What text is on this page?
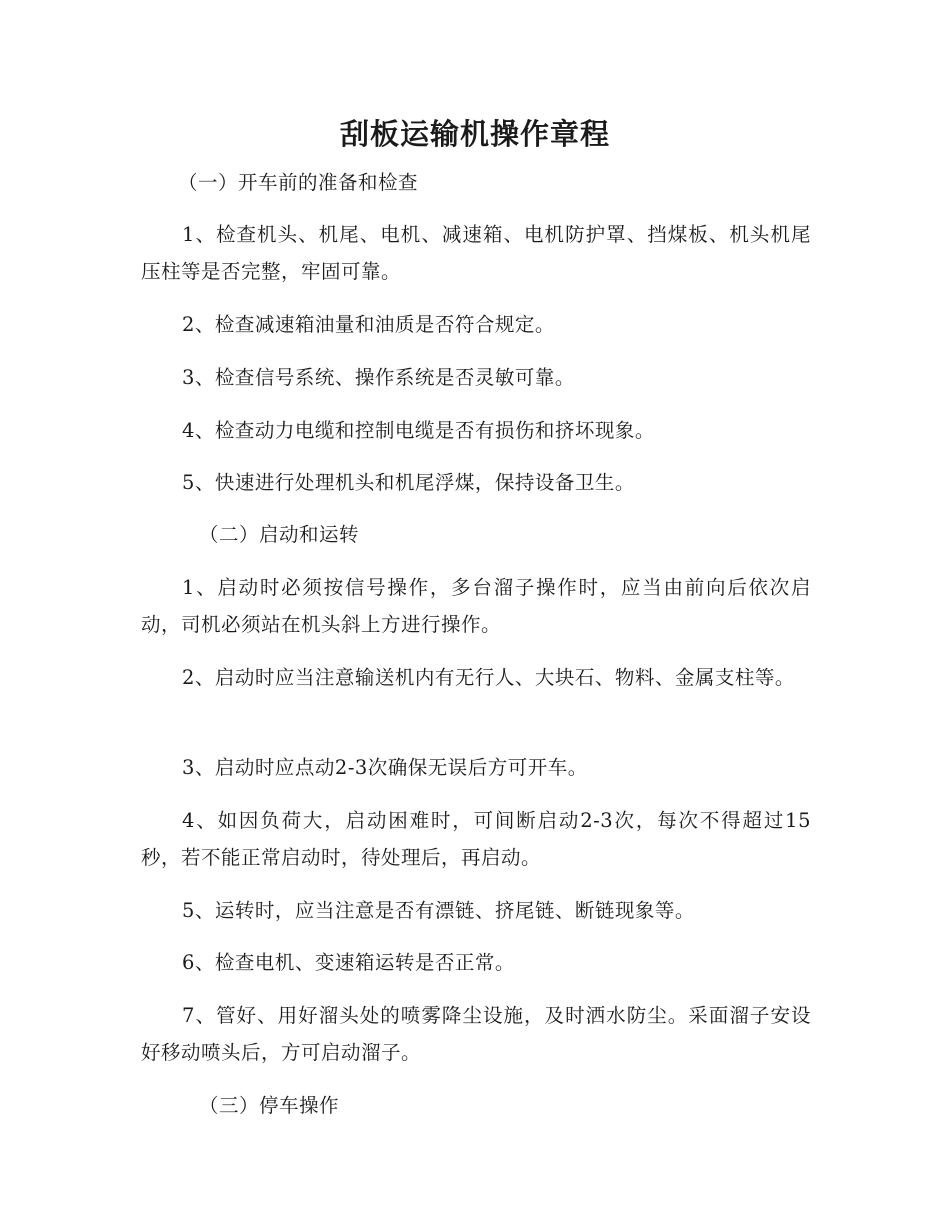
刮板运输机操作章程
（一）开车前的准备和检查
1、检查机头、机尾、电机、减速箱、电机防护罩、挡煤板、机头机尾压柱等是否完整，牢固可靠。
2、检查减速箱油量和油质是否符合规定。
3、检查信号系统、操作系统是否灵敏可靠。
4、检查动力电缆和控制电缆是否有损伤和挤坏现象。
5、快速进行处理机头和机尾浮煤，保持设备卫生。
（二）启动和运转
1、启动时必须按信号操作，多台溜子操作时，应当由前向后依次启动，司机必须站在机头斜上方进行操作。
2、启动时应当注意输送机内有无行人、大块石、物料、金属支柱等。
3、启动时应点动2-3次确保无误后方可开车。
4、如因负荷大，启动困难时，可间断启动2-3次，每次不得超过15秒，若不能正常启动时，待处理后，再启动。
5、运转时，应当注意是否有漂链、挤尾链、断链现象等。
6、检查电机、变速箱运转是否正常。
7、管好、用好溜头处的喷雾降尘设施，及时洒水防尘。采面溜子安设好移动喷头后，方可启动溜子。
（三）停车操作
